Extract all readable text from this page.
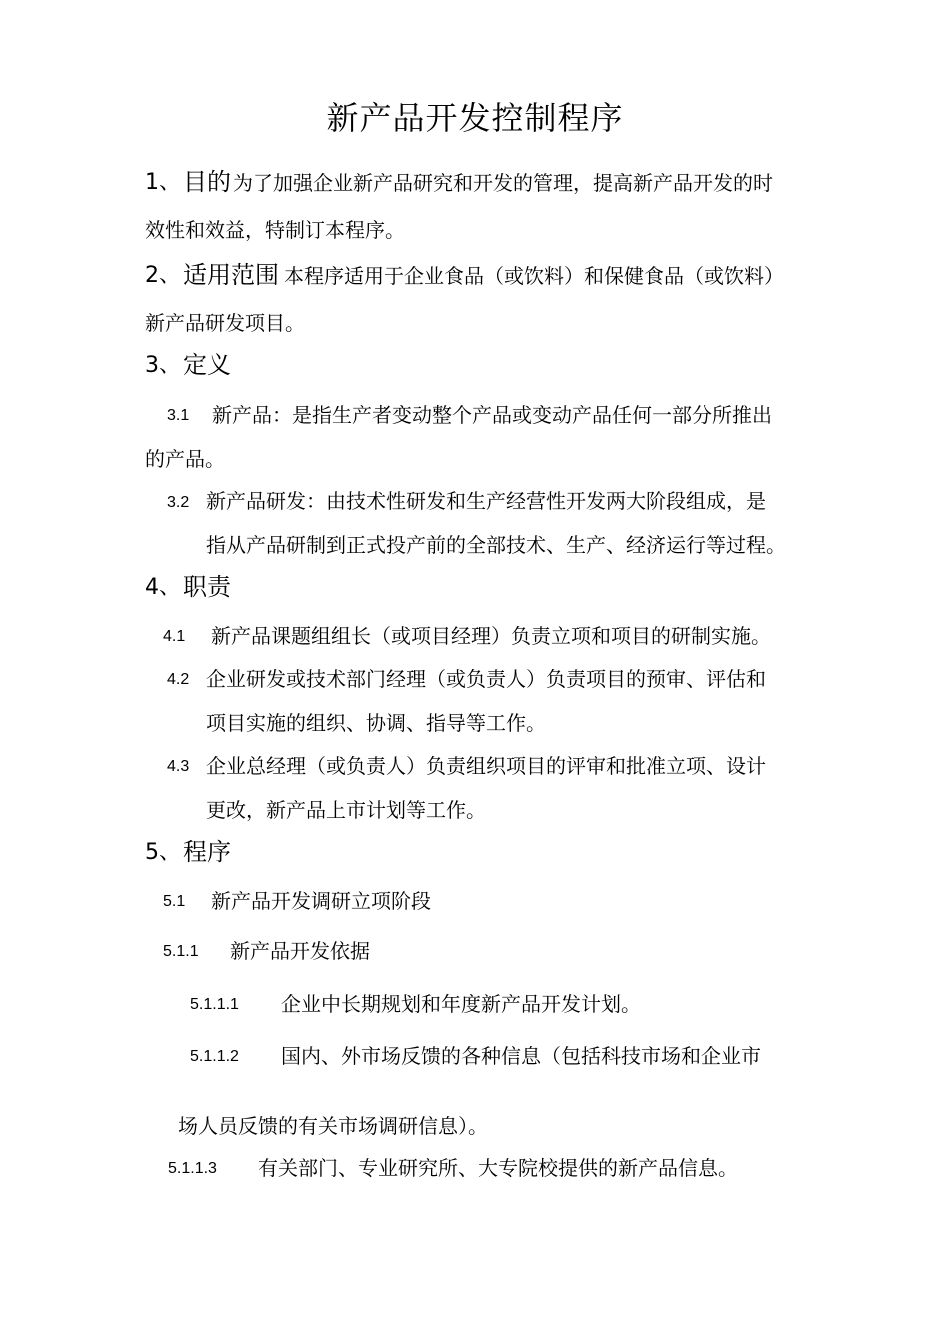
新产品开发控制程序
1、 目的 为了加强企业新产品研究和开发的管理，提高新产品开发的时
效性和效益，特制订本程序。
2、 适用范围 本程序适用于企业食品（或饮料）和保健食品（或饮料）
新产品研发项目。
3、 定义
3.1 新产品：是指生产者变动整个产品或变动产品任何一部分所推出
的产品。
3.2 新产品研发：由技术性研发和生产经营性开发两大阶段组成，是
指从产品研制到正式投产前的全部技术、生产、经济运行等过程。
4、 职责
4.1 新产品课题组组长（或项目经理）负责立项和项目的研制实施。
4.2 企业研发或技术部门经理（或负责人）负责项目的预审、评估和
项目实施的组织、协调、指导等工作。
4.3 企业总经理（或负责人）负责组织项目的评审和批准立项、设计
更改，新产品上市计划等工作。
5、 程序
5.1 新产品开发调研立项阶段
5.1.1 新产品开发依据
5.1.1.1 企业中长期规划和年度新产品开发计划。
5.1.1.2 国内、外市场反馈的各种信息（包括科技市场和企业市
场人员反馈的有关市场调研信息）。
5.1.1.3 有关部门、专业研究所、大专院校提供的新产品信息。
